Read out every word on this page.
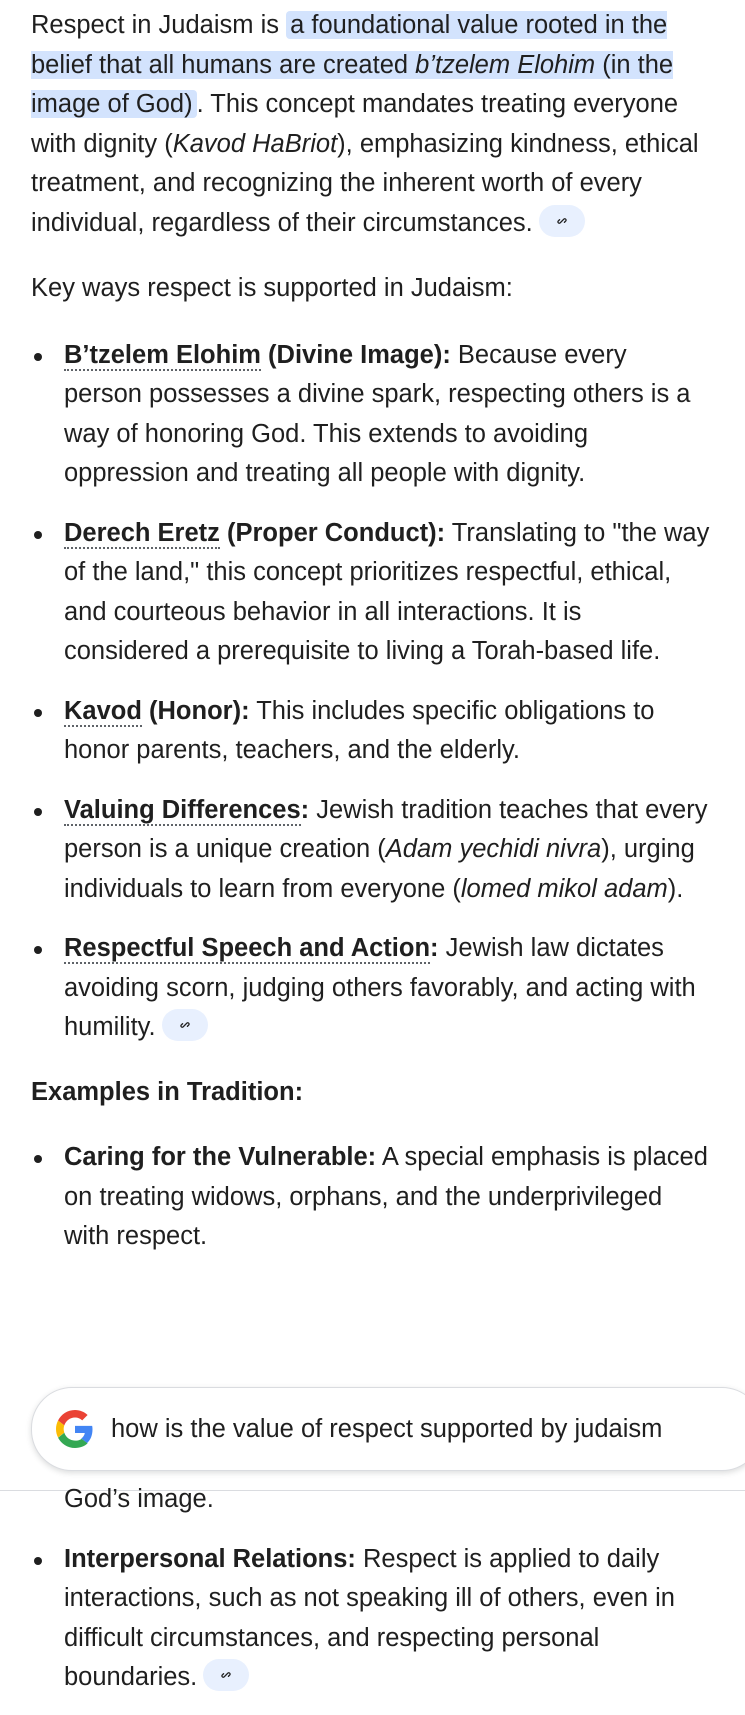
Respect in Judaism is a foundational value rooted in the belief that all humans are created b’tzelem Elohim (in the image of God) . This concept mandates treating everyone with dignity (Kavod HaBriot), emphasizing kindness, ethical treatment, and recognizing the inherent worth of every individual, regardless of their circumstances.

Key ways respect is supported in Judaism:

B’tzelem Elohim (Divine Image): Because every person possesses a divine spark, respecting others is a way of honoring God. This extends to avoiding oppression and treating all people with dignity.
Derech Eretz (Proper Conduct): Translating to "the way of the land," this concept prioritizes respectful, ethical, and courteous behavior in all interactions. It is considered a prerequisite to living a Torah-based life.
Kavod (Honor): This includes specific obligations to honor parents, teachers, and the elderly.
Valuing Differences: Jewish tradition teaches that every person is a unique creation (Adam yechidi nivra), urging individuals to learn from everyone (lomed mikol adam).
Respectful Speech and Action: Jewish law dictates avoiding scorn, judging others favorably, and acting with humility.

Examples in Tradition:

Caring for the Vulnerable: A special emphasis is placed on treating widows, orphans, and the underprivileged with respect.
how is the value of respect supported by judaism
God’s image.
Interpersonal Relations: Respect is applied to daily interactions, such as not speaking ill of others, even in difficult circumstances, and respecting personal boundaries.
